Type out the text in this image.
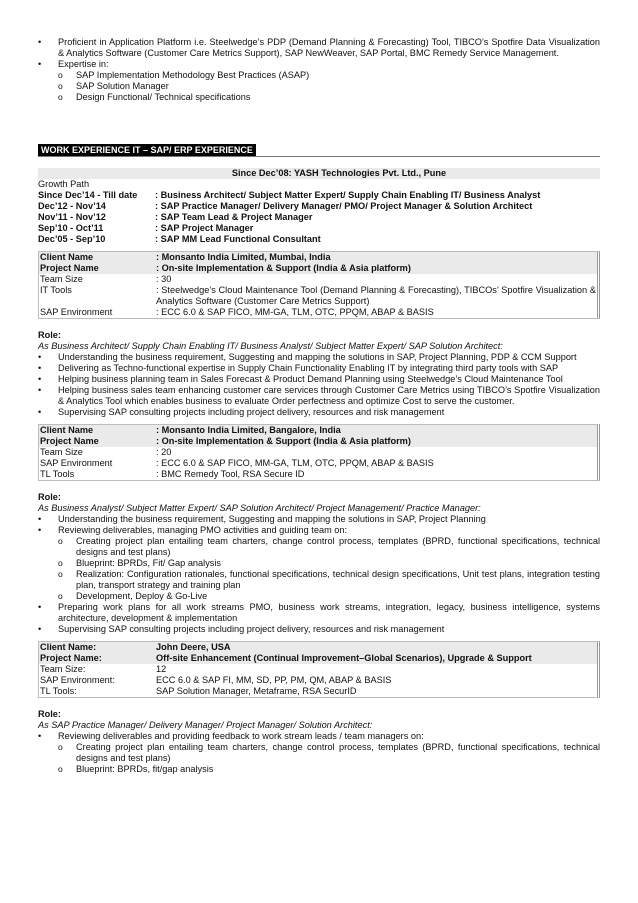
• Proficient in Application Platform i.e. Steelwedge’s PDP (Demand Planning & Forecasting) Tool, TIBCO’s Spotfire Data Visualization & Analytics Software (Customer Care Metrics Support), SAP NewWeaver, SAP Portal, BMC Remedy Service Management.
• Expertise in:
o SAP Implementation Methodology Best Practices (ASAP)
o SAP Solution Manager
o Design Functional/ Technical specifications
WORK EXPERIENCE IT – SAP/ ERP EXPERIENCE
Since Dec’08: YASH Technologies Pvt. Ltd., Pune
Growth Path
Since Dec’14 - Till date	: Business Architect/ Subject Matter Expert/ Supply Chain Enabling IT/ Business Analyst
Dec’12 - Nov’14	: SAP Practice Manager/ Delivery Manager/ PMO/ Project Manager & Solution Architect
Nov’11 - Nov’12	: SAP Team Lead & Project Manager
Sep’10 - Oct’11	: SAP Project Manager
Dec’05 - Sep’10	: SAP MM Lead Functional Consultant
Client Name	: Monsanto India Limited, Mumbai, India
Project Name	: On-site Implementation & Support (India & Asia platform)
Team Size	: 30
IT Tools	: Steelwedge’s Cloud Maintenance Tool (Demand Planning & Forecasting), TIBCOs’ Spotfire Visualization & Analytics Software (Customer Care Metrics Support)
SAP Environment	: ECC 6.0 & SAP FICO, MM-GA, TLM, OTC, PPQM, ABAP & BASIS
Role:
As Business Architect/ Supply Chain Enabling IT/ Business Analyst/ Subject Matter Expert/ SAP Solution Architect:
• Understanding the business requirement, Suggesting and mapping the solutions in SAP, Project Planning, PDP & CCM Support
• Delivering as Techno-functional expertise in Supply Chain Functionality Enabling IT by integrating third party tools with SAP
• Helping business planning team in Sales Forecast & Product Demand Planning using Steelwedge’s Cloud Maintenance Tool
• Helping business sales team enhancing customer care services through Customer Care Metrics using TIBCO’s Spotfire Visualization & Analytics Tool which enables business to evaluate Order perfectness and optimize Cost to serve the customer.
• Supervising SAP consulting projects including project delivery, resources and risk management
Client Name	: Monsanto India Limited, Bangalore, India
Project Name	: On-site Implementation & Support (India & Asia platform)
Team Size	: 20
SAP Environment	: ECC 6.0 & SAP FICO, MM-GA, TLM, OTC, PPQM, ABAP & BASIS
TL Tools	: BMC Remedy Tool, RSA Secure ID
Role:
As Business Analyst/ Subject Matter Expert/ SAP Solution Architect/ Project Management/ Practice Manager:
• Understanding the business requirement, Suggesting and mapping the solutions in SAP, Project Planning
• Reviewing deliverables, managing PMO activities and guiding team on:
o Creating project plan entailing team charters, change control process, templates (BPRD, functional specifications, technical designs and test plans)
o Blueprint: BPRDs, Fit/ Gap analysis
o Realization: Configuration rationales, functional specifications, technical design specifications, Unit test plans, integration testing plan, transport strategy and training plan
o Development, Deploy & Go-Live
• Preparing work plans for all work streams PMO, business work streams, integration, legacy, business intelligence, systems architecture, development & implementation
• Supervising SAP consulting projects including project delivery, resources and risk management
Client Name:	John Deere, USA
Project Name:	Off-site Enhancement (Continual Improvement–Global Scenarios), Upgrade & Support
Team Size:	12
SAP Environment:	ECC 6.0 & SAP FI, MM, SD, PP, PM, QM, ABAP & BASIS
TL Tools:	SAP Solution Manager, Metaframe, RSA SecurID
Role:
As SAP Practice Manager/ Delivery Manager/ Project Manager/ Solution Architect:
• Reviewing deliverables and providing feedback to work stream leads / team managers on:
o Creating project plan entailing team charters, change control process, templates (BPRD, functional specifications, technical designs and test plans)
o Blueprint: BPRDs, fit/gap analysis
